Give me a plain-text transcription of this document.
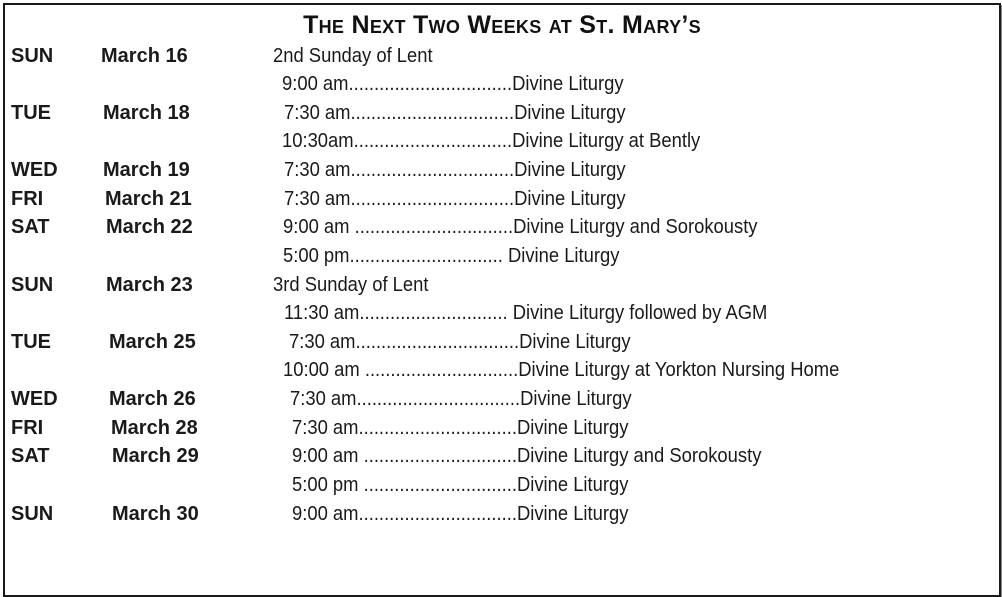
The Next Two Weeks at St. Mary’s
SUN March 16	2nd Sunday of Lent
9:00 am................................Divine Liturgy
TUE	March 18	7:30 am................................Divine Liturgy
10:30am...............................Divine Liturgy at Bently
WED March 19	7:30 am................................Divine Liturgy
FRI	March 21	7:30 am................................Divine Liturgy
SAT	March 22	9:00 am ...............................Divine Liturgy and Sorokousty
5:00 pm.............................. Divine Liturgy
SUN	March 23	3rd Sunday of Lent
11:30 am............................. Divine Liturgy followed by AGM
TUE	March 25	7:30 am................................Divine Liturgy
10:00 am ..............................Divine Liturgy at Yorkton Nursing Home
WED	March 26	7:30 am................................Divine Liturgy
FRI	March 28	7:30 am...............................Divine Liturgy
SAT	March 29	9:00 am ..............................Divine Liturgy and Sorokousty
5:00 pm ..............................Divine Liturgy
SUN	March 30	9:00 am...............................Divine Liturgy
